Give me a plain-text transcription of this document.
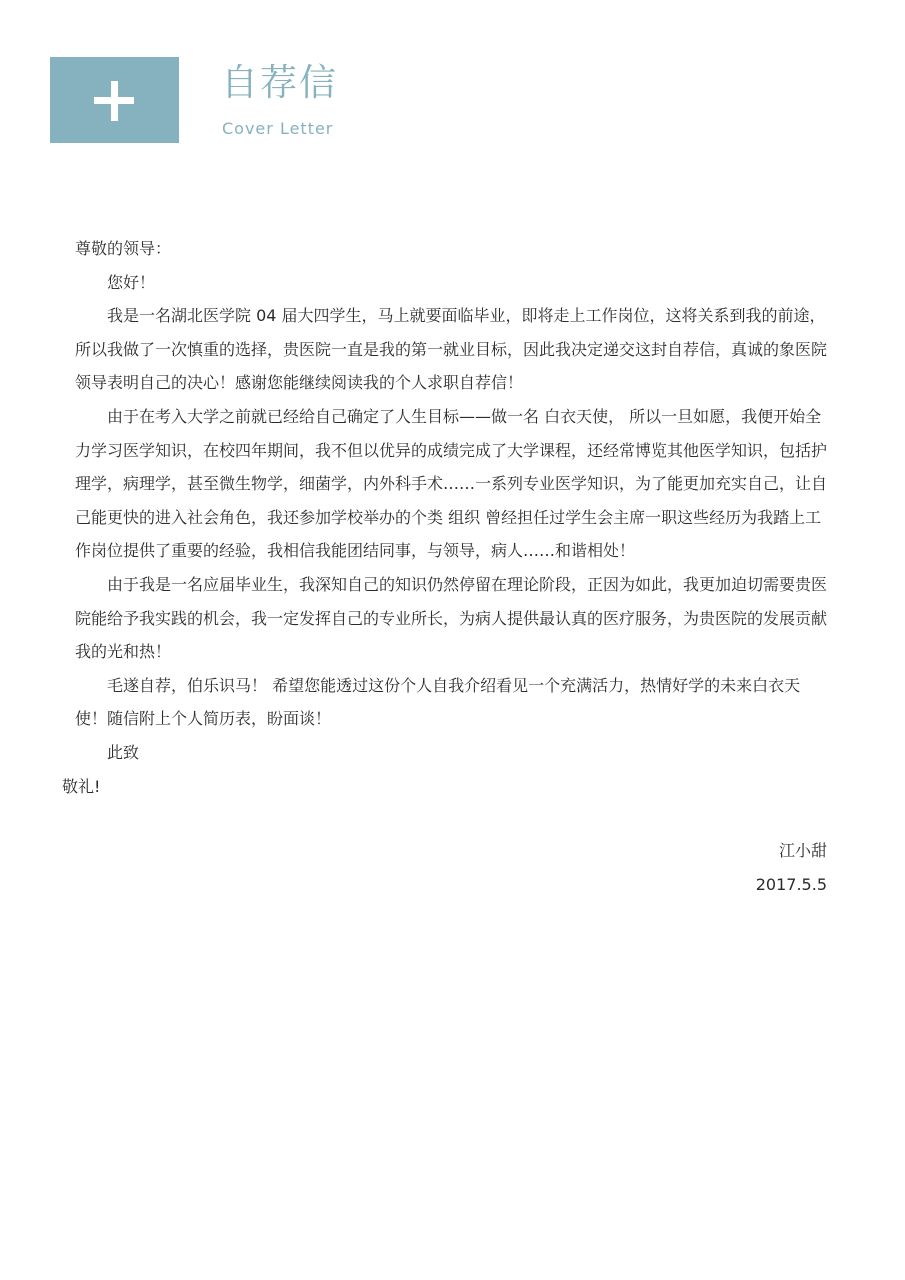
自荐信
Cover Letter

尊敬的领导：

您好！

我是一名湖北医学院 04 届大四学生，马上就要面临毕业，即将走上工作岗位，这将关系到我的前途，所以我做了一次慎重的选择，贵医院一直是我的第一就业目标，因此我决定递交这封自荐信，真诚的象医院领导表明自己的决心！感谢您能继续阅读我的个人求职自荐信！

由于在考入大学之前就已经给自己确定了人生目标——做一名 白衣天使， 所以一旦如愿，我便开始全力学习医学知识，在校四年期间，我不但以优异的成绩完成了大学课程，还经常博览其他医学知识，包括护理学，病理学，甚至微生物学，细菌学，内外科手术……一系列专业医学知识，为了能更加充实自己，让自己能更快的进入社会角色，我还参加学校举办的个类 组织 曾经担任过学生会主席一职这些经历为我踏上工作岗位提供了重要的经验，我相信我能团结同事，与领导，病人……和谐相处！

由于我是一名应届毕业生，我深知自己的知识仍然停留在理论阶段，正因为如此，我更加迫切需要贵医院能给予我实践的机会，我一定发挥自己的专业所长，为病人提供最认真的医疗服务，为贵医院的发展贡献我的光和热！

毛遂自荐，伯乐识马！ 希望您能透过这份个人自我介绍看见一个充满活力，热情好学的未来白衣天使！随信附上个人简历表，盼面谈！

此致

敬礼!

江小甜
2017.5.5
